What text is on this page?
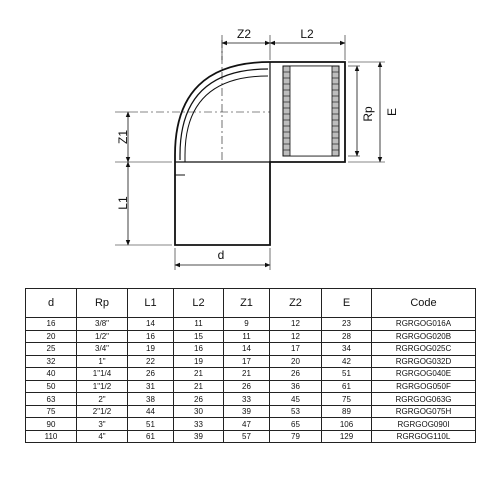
Z2	L2
Rp E
Z1
L1
d
d	Rp	L1	L2	Z1	Z2	E	Code
16	3/8"	14	11	9	12	23	RGRGOG016A
20	1/2"	16	15	11	12	28	RGRGOG020B
25	3/4"	19	16	14	17	34	RGRGOG025C
32	1"	22	19	17	20	42	RGRGOG032D
40	1"1/4	26	21	21	26	51	RGRGOG040E
50	1"1/2	31	21	26	36	61	RGRGOG050F
63	2"	38	26	33	45	75	RGRGOG063G
75	2"1/2	44	30	39	53	89	RGRGOG075H
90	3"	51	33	47	65	106	RGRGOG090I
110	4"	61	39	57	79	129	RGRGOG110L
